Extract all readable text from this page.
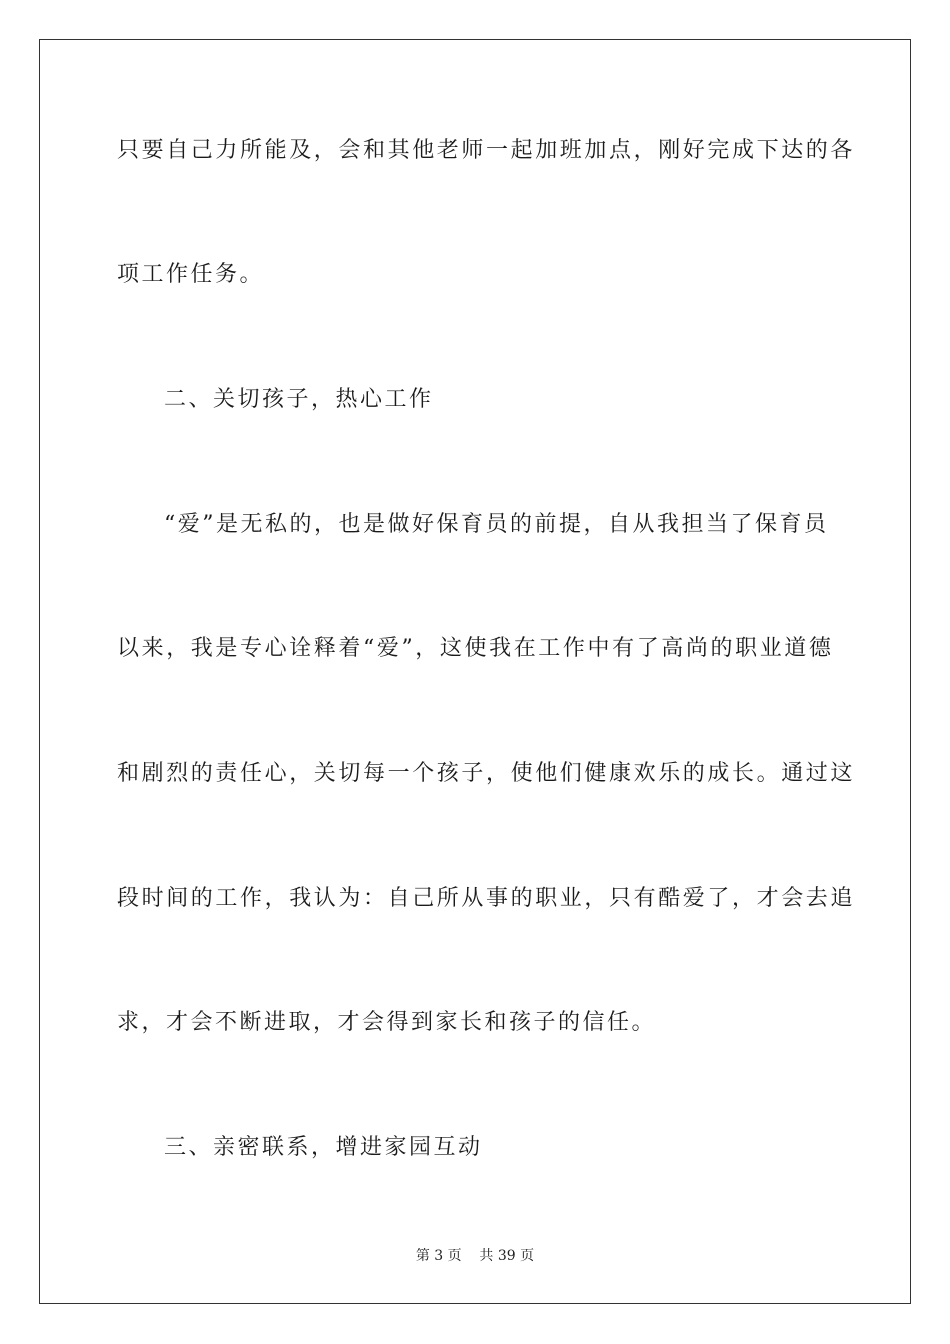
只要自己力所能及，会和其他老师一起加班加点，刚好完成下达的各
项工作任务。
二、关切孩子，热心工作
“爱”是无私的，也是做好保育员的前提，自从我担当了保育员
以来，我是专心诠释着“爱”，这使我在工作中有了高尚的职业道德
和剧烈的责任心，关切每一个孩子，使他们健康欢乐的成长。通过这
段时间的工作，我认为：自己所从事的职业，只有酷爱了，才会去追
求，才会不断进取，才会得到家长和孩子的信任。
三、亲密联系，增进家园互动
第 3 页    共 39 页
